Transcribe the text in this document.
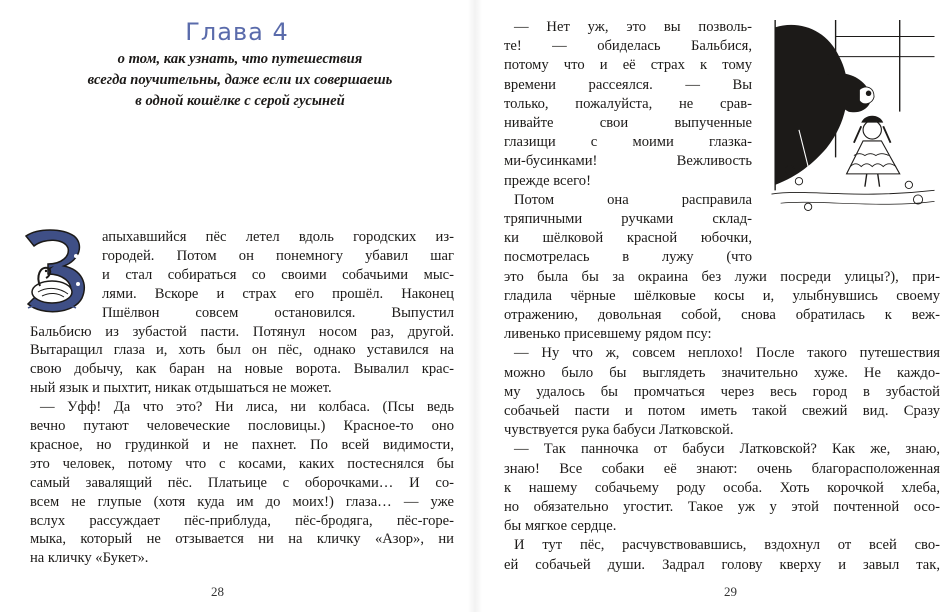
Глава 4
о том, как узнать, что путешествия
всегда поучительны, даже если их совершаешь
в одной кошёлке с серой гусыней
апыхавшийся пёс летел вдоль городских из-
городей. Потом он понемногу убавил шаг
и стал собираться со своими собачьими мыс-
лями. Вскоре и страх его прошёл. Наконец
Пшёлвон совсем остановился. Выпустил
Бальбисю из зубастой пасти. Потянул носом раз, другой.
Вытаращил глаза и, хоть был он пёс, однако уставился на
свою добычу, как баран на новые ворота. Вывалил крас-
ный язык и пыхтит, никак отдышаться не может.
— Уфф! Да что это? Ни лиса, ни колбаса. (Псы ведь
вечно путают человеческие пословицы.) Красное-то оно
красное, но грудинкой и не пахнет. По всей видимости,
это человек, потому что с косами, каких постеснялся бы
самый завалящий пёс. Платьице с оборочками… И со-
всем не глупые (хотя куда им до моих!) глаза… — уже
вслух рассуждает пёс-приблуда, пёс-бродяга, пёс-горе-
мыка, который не отзывается ни на кличку «Азор», ни
на кличку «Букет».
28
— Нет уж, это вы позволь-
те! — обиделась Бальбися,
потому что и её страх к тому
времени рассеялся. — Вы
только, пожалуйста, не срав-
нивайте свои выпученные
глазищи с моими глазка-
ми-бусинками! Вежливость
прежде всего!
Потом она расправила
тряпичными ручками склад-
ки шёлковой красной юбочки,
посмотрелась в лужу (что
это была бы за окраина без лужи посреди улицы?), при-
гладила чёрные шёлковые косы и, улыбнувшись своему
отражению, довольная собой, снова обратилась к веж-
ливенько присевшему рядом псу:
— Ну что ж, совсем неплохо! После такого путешествия
можно было бы выглядеть значительно хуже. Не каждо-
му удалось бы промчаться через весь город в зубастой
собачьей пасти и потом иметь такой свежий вид. Сразу
чувствуется рука бабуси Латковской.
— Так панночка от бабуси Латковской? Как же, знаю,
знаю! Все собаки её знают: очень благорасположенная
к нашему собачьему роду особа. Хоть корочкой хлеба,
но обязательно угостит. Такое уж у этой почтенной осо-
бы мягкое сердце.
И тут пёс, расчувствовавшись, вздохнул от всей сво-
ей собачьей души. Задрал голову кверху и завыл так,
29
